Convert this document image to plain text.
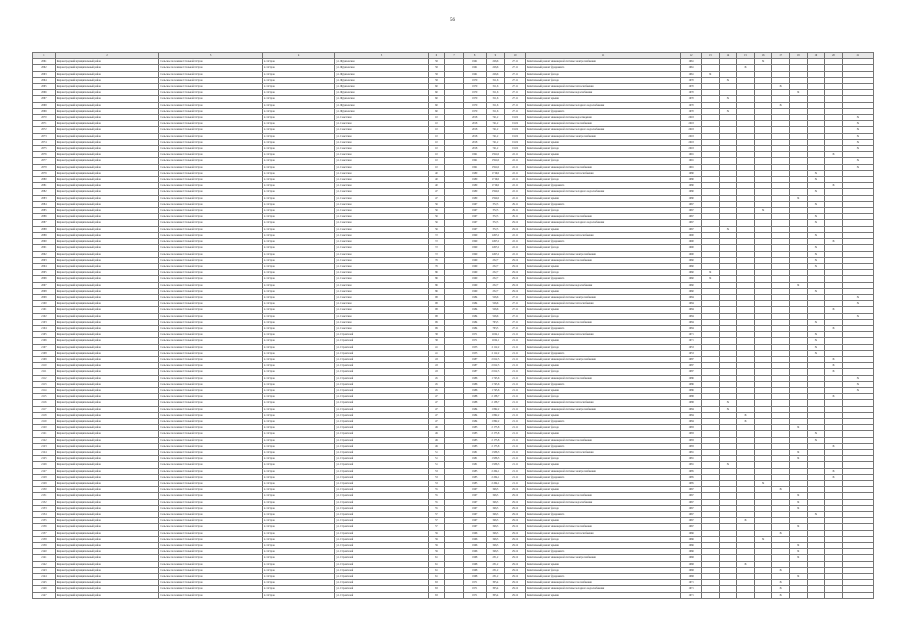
56
1	2	3	4	5	6	7	8	9	10	11	12	13	14	15	16	17	18	19	20	21
2061	Кировоградский муниципальный район	Сельское поселение Стальной Остров	п. Остров	ул. Фрунзенская	58		1961	226,6	27.11	Капитальный ремонт инженерной системы электроснабжения	1961				X					
2062	Кировоградский муниципальный район	Сельское поселение Стальной Остров	п. Остров	ул. Фрунзенская	58		1961	226,6	27.11	Капитальный ремонт фундамента	1961			X						
2063	Кировоградский муниципальный район	Сельское поселение Стальной Остров	п. Остров	ул. Фрунзенская	58		1961	226,6	27.11	Капитальный ремонт фасада	1961	X								
2064	Кировоградский муниципальный район	Сельское поселение Стальной Остров	п. Остров	ул. Фрунзенская	58		1970	311,6	27.11	Капитальный ремонт фасада	1970		X							
2065	Кировоградский муниципальный район	Сельское поселение Стальной Остров	п. Остров	ул. Фрунзенская	60		1970	311,6	27.11	Капитальный ремонт инженерной системы теплоснабжения	1970					X				
2066	Кировоградский муниципальный район	Сельское поселение Стальной Остров	п. Остров	ул. Фрунзенская	60		1970	311,6	27.11	Капитальный ремонт инженерной системы водоснабжения	1970						X			
2067	Кировоградский муниципальный район	Сельское поселение Стальной Остров	п. Остров	ул. Фрунзенская	60		1970	311,6	27.11	Капитальный ремонт крыши	1970		X							
2068	Кировоградский муниципальный район	Сельское поселение Стальной Остров	п. Остров	ул. Фрунзенская	60		1970	311,6	27.11	Капитальный ремонт инженерной системы холодного водоснабжения	1970					X				
2069	Кировоградский муниципальный район	Сельское поселение Стальной Остров	п. Остров	ул. Фрунзенская	60		1970	311,6	27.11	Капитальный ремонт фундамента	1970		X							
2070	Кировоградский муниципальный район	Сельское поселение Стальной Остров	п. Остров	ул. Советская	10		2018	741,2	01.02	Капитальный ремонт инженерной системы водоотведения	2018									X
2071	Кировоградский муниципальный район	Сельское поселение Стальной Остров	п. Остров	ул. Советская	10		2018	741,2	01.02	Капитальный ремонт инженерной системы газоснабжения	2018									X
2072	Кировоградский муниципальный район	Сельское поселение Стальной Остров	п. Остров	ул. Советская	10		2018	741,2	01.02	Капитальный ремонт инженерной системы холодного водоснабжения	2018									X
2073	Кировоградский муниципальный район	Сельское поселение Стальной Остров	п. Остров	ул. Советская	10		2018	741,2	01.02	Капитальный ремонт инженерной системы электроснабжения	2018									X
2074	Кировоградский муниципальный район	Сельское поселение Стальной Остров	п. Остров	ул. Советская	10		2018	741,2	01.02	Капитальный ремонт крыши	2018									X
2075	Кировоградский муниципальный район	Сельское поселение Стальной Остров	п. Остров	ул. Советская	10		2018	741,2	01.02	Капитальный ремонт фасада	2018									X
2076	Кировоградский муниципальный район	Сельское поселение Стальной Остров	п. Остров	ул. Советская	10		1991	1591,6	22.11	Капитальный ремонт крыши	1991								X	
2077	Кировоградский муниципальный район	Сельское поселение Стальной Остров	п. Остров	ул. Советская	10		1991	1591,6	22.11	Капитальный ремонт фасада	1991									X
2078	Кировоградский муниципальный район	Сельское поселение Стальной Остров	п. Остров	ул. Советская	10		1991	1591,6	22.11	Капитальный ремонт инженерной системы газоснабжения	1991									X
2079	Кировоградский муниципальный район	Сельское поселение Стальной Остров	п. Остров	ул. Советская	40		1980	1716,6	22.11	Капитальный ремонт инженерной системы теплоснабжения	1980							X		
2080	Кировоградский муниципальный район	Сельское поселение Стальной Остров	п. Остров	ул. Советская	40		1980	1716,6	22.11	Капитальный ремонт фасада	1980							X		
2081	Кировоградский муниципальный район	Сельское поселение Стальной Остров	п. Остров	ул. Советская	40		1980	1716,6	22.11	Капитальный ремонт фундамента	1980								X	
2082	Кировоградский муниципальный район	Сельское поселение Стальной Остров	п. Остров	ул. Советская	47		1980	1592,6	22.11	Капитальный ремонт инженерной системы холодного водоснабжения	1980							X		
2083	Кировоградский муниципальный район	Сельское поселение Стальной Остров	п. Остров	ул. Советская	47		1980	1592,6	22.11	Капитальный ремонт крыши	1980						X			
2084	Кировоградский муниципальный район	Сельское поселение Стальной Остров	п. Остров	ул. Советская	56		1967	372,5	29.11	Капитальный ремонт фундамента	1967							X		
2085	Кировоградский муниципальный район	Сельское поселение Стальной Остров	п. Остров	ул. Советская	56		1967	372,5	29.11	Капитальный ремонт фасада	1967				X					
2086	Кировоградский муниципальный район	Сельское поселение Стальной Остров	п. Остров	ул. Советская	56		1967	372,5	29.11	Капитальный ремонт инженерной системы газоснабжения	1967							X		
2087	Кировоградский муниципальный район	Сельское поселение Стальной Остров	п. Остров	ул. Советская	56		1967	372,5	29.12	Капитальный ремонт инженерной системы холодного водоснабжения	1967							X		
2088	Кировоградский муниципальный район	Сельское поселение Стальной Остров	п. Остров	ул. Советская	56		1967	372,5	29.12	Капитальный ремонт крыши	1967		X							
2089	Кировоградский муниципальный район	Сельское поселение Стальной Остров	п. Остров	ул. Советская	72		1990	1497,2	22.11	Капитальный ремонт инженерной системы теплоснабжения	1990							X		
2090	Кировоградский муниципальный район	Сельское поселение Стальной Остров	п. Остров	ул. Советская	72		1990	1497,2	22.11	Капитальный ремонт фундамента	1990								X	
2091	Кировоградский муниципальный район	Сельское поселение Стальной Остров	п. Остров	ул. Советская	72		1990	1497,2	22.11	Капитальный ремонт фасада	1990							X		
2092	Кировоградский муниципальный район	Сельское поселение Стальной Остров	п. Остров	ул. Советская	72		1990	1497,2	22.11	Капитальный ремонт инженерной системы электроснабжения	1990							X		
2093	Кировоградский муниципальный район	Сельское поселение Стальной Остров	п. Остров	ул. Советская	76		1960	252,7	29.12	Капитальный ремонт инженерной системы газоснабжения	1960							X		
2094	Кировоградский муниципальный район	Сельское поселение Стальной Остров	п. Остров	ул. Советская	76		1960	252,7	29.12	Капитальный ремонт крыши	1960							X		
2095	Кировоградский муниципальный район	Сельское поселение Стальной Остров	п. Остров	ул. Советская	86		1960	252,7	29.12	Капитальный ремонт фасада	1960	X								
2096	Кировоградский муниципальный район	Сельское поселение Стальной Остров	п. Остров	ул. Советская	86		1960	252,7	29.12	Капитальный ремонт фундамента	1960	X								
2097	Кировоградский муниципальный район	Сельское поселение Стальной Остров	п. Остров	ул. Советская	86		1960	252,7	29.12	Капитальный ремонт инженерной системы водоснабжения	1960						X			
2098	Кировоградский муниципальный район	Сельское поселение Стальной Остров	п. Остров	ул. Советская	86		1960	252,7	29.12	Капитальный ремонт крыши	1960							X		
2099	Кировоградский муниципальный район	Сельское поселение Стальной Остров	п. Остров	ул. Советская	98		1984	526,6	27.11	Капитальный ремонт инженерной системы электроснабжения	1984									X
2100	Кировоградский муниципальный район	Сельское поселение Стальной Остров	п. Остров	ул. Советская	98		1984	526,6	27.11	Капитальный ремонт инженерной системы теплоснабжения	1984									X
2101	Кировоградский муниципальный район	Сельское поселение Стальной Остров	п. Остров	ул. Советская	98		1984	526,6	27.11	Капитальный ремонт крыши	1984								X	
2102	Кировоградский муниципальный район	Сельское поселение Стальной Остров	п. Остров	ул. Советская	98		1984	526,6	27.11	Капитальный ремонт фасада	1984									X
2103	Кировоградский муниципальный район	Сельское поселение Стальной Остров	п. Остров	ул. Советская	99		1984	763,5	27.11	Капитальный ремонт инженерной системы газоснабжения	1984							X		
2104	Кировоградский муниципальный район	Сельское поселение Стальной Остров	п. Остров	ул. Советская	99		1984	763,5	27.11	Капитальный ремонт фундамента	1984								X	
2105	Кировоградский муниципальный район	Сельское поселение Стальной Остров	п. Остров	ул. Строителей	38		1971	1184,1	21.11	Капитальный ремонт инженерной системы теплоснабжения	1971							X		
2106	Кировоградский муниципальный район	Сельское поселение Стальной Остров	п. Остров	ул. Строителей	38		1971	1184,1	21.11	Капитальный ремонт крыши	1971							X		
2107	Кировоградский муниципальный район	Сельское поселение Стальной Остров	п. Остров	ул. Строителей	41		1953	2 112,2	21.11	Капитальный ремонт фасада	1953							X		
2108	Кировоградский муниципальный район	Сельское поселение Стальной Остров	п. Остров	ул. Строителей	41		1953	2 112,2	21.11	Капитальный ремонт фундамента	1953							X		
2109	Кировоградский муниципальный район	Сельское поселение Стальной Остров	п. Остров	ул. Строителей	43		1987	2 612,5	21.11	Капитальный ремонт инженерной системы электроснабжения	1987								X	
2110	Кировоградский муниципальный район	Сельское поселение Стальной Остров	п. Остров	ул. Строителей	43		1987	2 612,5	21.11	Капитальный ремонт крыши	1987								X	
2111	Кировоградский муниципальный район	Сельское поселение Стальной Остров	п. Остров	ул. Строителей	43		1987	2 612,5	21.11	Капитальный ремонт фасада	1987								X	
2112	Кировоградский муниципальный район	Сельское поселение Стальной Остров	п. Остров	ул. Строителей	45		1986	1 745,6	21.11	Капитальный ремонт инженерной системы газоснабжения	1986									X
2113	Кировоградский муниципальный район	Сельское поселение Стальной Остров	п. Остров	ул. Строителей	45		1986	1 745,6	21.11	Капитальный ремонт фундамента	1986									X
2114	Кировоградский муниципальный район	Сельское поселение Стальной Остров	п. Остров	ул. Строителей	45		1986	1 745,6	21.11	Капитальный ремонт крыши	1986									X
2115	Кировоградский муниципальный район	Сельское поселение Стальной Остров	п. Остров	ул. Строителей	47		1988	2 138,7	21.11	Капитальный ремонт фасада	1988								X	
2116	Кировоградский муниципальный район	Сельское поселение Стальной Остров	п. Остров	ул. Строителей	47		1988	2 138,7	21.11	Капитальный ремонт инженерной системы теплоснабжения	1988		X							
2117	Кировоградский муниципальный район	Сельское поселение Стальной Остров	п. Остров	ул. Строителей	47		1984	1 862,2	21.11	Капитальный ремонт инженерной системы электроснабжения	1984		X							
2118	Кировоградский муниципальный район	Сельское поселение Стальной Остров	п. Остров	ул. Строителей	47		1984	1 862,2	21.11	Капитальный ремонт крыши	1984			X						
2119	Кировоградский муниципальный район	Сельское поселение Стальной Остров	п. Остров	ул. Строителей	47		1984	1 862,2	21.11	Капитальный ремонт фундамента	1984			X						
2120	Кировоградский муниципальный район	Сельское поселение Стальной Остров	п. Остров	ул. Строителей	49		1983	2 175,8	21.11	Капитальный ремонт фасада	1983						X			
2121	Кировоградский муниципальный район	Сельское поселение Стальной Остров	п. Остров	ул. Строителей	49		1983	2 175,8	21.11	Капитальный ремонт крыши	1983							X		
2122	Кировоградский муниципальный район	Сельское поселение Стальной Остров	п. Остров	ул. Строителей	49		1983	2 175,8	21.11	Капитальный ремонт инженерной системы газоснабжения	1983							X		
2123	Кировоградский муниципальный район	Сельское поселение Стальной Остров	п. Остров	ул. Строителей	49		1983	2 175,8	21.11	Капитальный ремонт фундамента	1983								X	
2124	Кировоградский муниципальный район	Сельское поселение Стальной Остров	п. Остров	ул. Строителей	51		1981	1 936,3	21.11	Капитальный ремонт инженерной системы теплоснабжения	1981						X			
2125	Кировоградский муниципальный район	Сельское поселение Стальной Остров	п. Остров	ул. Строителей	51		1981	1 936,3	21.11	Капитальный ремонт фасада	1981						X			
2126	Кировоградский муниципальный район	Сельское поселение Стальной Остров	п. Остров	ул. Строителей	51		1981	1 936,3	21.11	Капитальный ремонт крыши	1981		X							
2127	Кировоградский муниципальный район	Сельское поселение Стальной Остров	п. Остров	ул. Строителей	53		1985	2 204,1	21.11	Капитальный ремонт инженерной системы электроснабжения	1985								X	
2128	Кировоградский муниципальный район	Сельское поселение Стальной Остров	п. Остров	ул. Строителей	53		1985	2 204,1	21.11	Капитальный ремонт фундамента	1985								X	
2129	Кировоградский муниципальный район	Сельское поселение Стальной Остров	п. Остров	ул. Строителей	53		1985	2 204,1	21.11	Капитальный ремонт фасада	1985				X					
2130	Кировоградский муниципальный район	Сельское поселение Стальной Остров	п. Остров	ул. Строителей	55		1967	346,5	29.12	Капитальный ремонт крыши	1967					X				
2131	Кировоградский муниципальный район	Сельское поселение Стальной Остров	п. Остров	ул. Строителей	55		1967	346,5	29.12	Капитальный ремонт инженерной системы газоснабжения	1967						X			
2132	Кировоградский муниципальный район	Сельское поселение Стальной Остров	п. Остров	ул. Строителей	55		1967	346,5	29.12	Капитальный ремонт инженерной системы водоснабжения	1967						X			
2133	Кировоградский муниципальный район	Сельское поселение Стальной Остров	п. Остров	ул. Строителей	55		1967	346,5	29.12	Капитальный ремонт фасада	1967						X			
2134	Кировоградский муниципальный район	Сельское поселение Стальной Остров	п. Остров	ул. Строителей	57		1967	346,5	29.12	Капитальный ремонт фундамента	1967							X		
2135	Кировоградский муниципальный район	Сельское поселение Стальной Остров	п. Остров	ул. Строителей	57		1967	346,5	29.12	Капитальный ремонт крыши	1967			X						
2136	Кировоградский муниципальный район	Сельское поселение Стальной Остров	п. Остров	ул. Строителей	57		1967	346,5	29.12	Капитальный ремонт инженерной системы газоснабжения	1967						X			
2137	Кировоградский муниципальный район	Сельское поселение Стальной Остров	п. Остров	ул. Строителей	59		1966	346,5	29.12	Капитальный ремонт инженерной системы теплоснабжения	1966					X				
2138	Кировоградский муниципальный район	Сельское поселение Стальной Остров	п. Остров	ул. Строителей	59		1966	346,5	29.12	Капитальный ремонт фасада	1966				X					
2139	Кировоградский муниципальный район	Сельское поселение Стальной Остров	п. Остров	ул. Строителей	59		1966	346,5	29.12	Капитальный ремонт крыши	1966						X			
2140	Кировоградский муниципальный район	Сельское поселение Стальной Остров	п. Остров	ул. Строителей	59		1966	346,5	29.12	Капитальный ремонт фундамента	1966						X			
2141	Кировоградский муниципальный район	Сельское поселение Стальной Остров	п. Остров	ул. Строителей	61		1968	231,2	29.12	Капитальный ремонт инженерной системы электроснабжения	1968						X			
2142	Кировоградский муниципальный район	Сельское поселение Стальной Остров	п. Остров	ул. Строителей	61		1968	231,2	29.12	Капитальный ремонт крыши	1968			X						
2143	Кировоградский муниципальный район	Сельское поселение Стальной Остров	п. Остров	ул. Строителей	61		1968	231,2	29.12	Капитальный ремонт фасада	1968					X				
2144	Кировоградский муниципальный район	Сельское поселение Стальной Остров	п. Остров	ул. Строителей	61		1968	231,2	29.12	Капитальный ремонт фундамента	1968						X			
2145	Кировоградский муниципальный район	Сельское поселение Стальной Остров	п. Остров	ул. Строителей	63		1971	305,4	29.12	Капитальный ремонт инженерной системы газоснабжения	1971					X				
2146	Кировоградский муниципальный район	Сельское поселение Стальной Остров	п. Остров	ул. Строителей	63		1971	305,4	29.12	Капитальный ремонт инженерной системы холодного водоснабжения	1971					X				
2147	Кировоградский муниципальный район	Сельское поселение Стальной Остров	п. Остров	ул. Строителей	63		1971	305,4	29.12	Капитальный ремонт крыши	1971					X				
